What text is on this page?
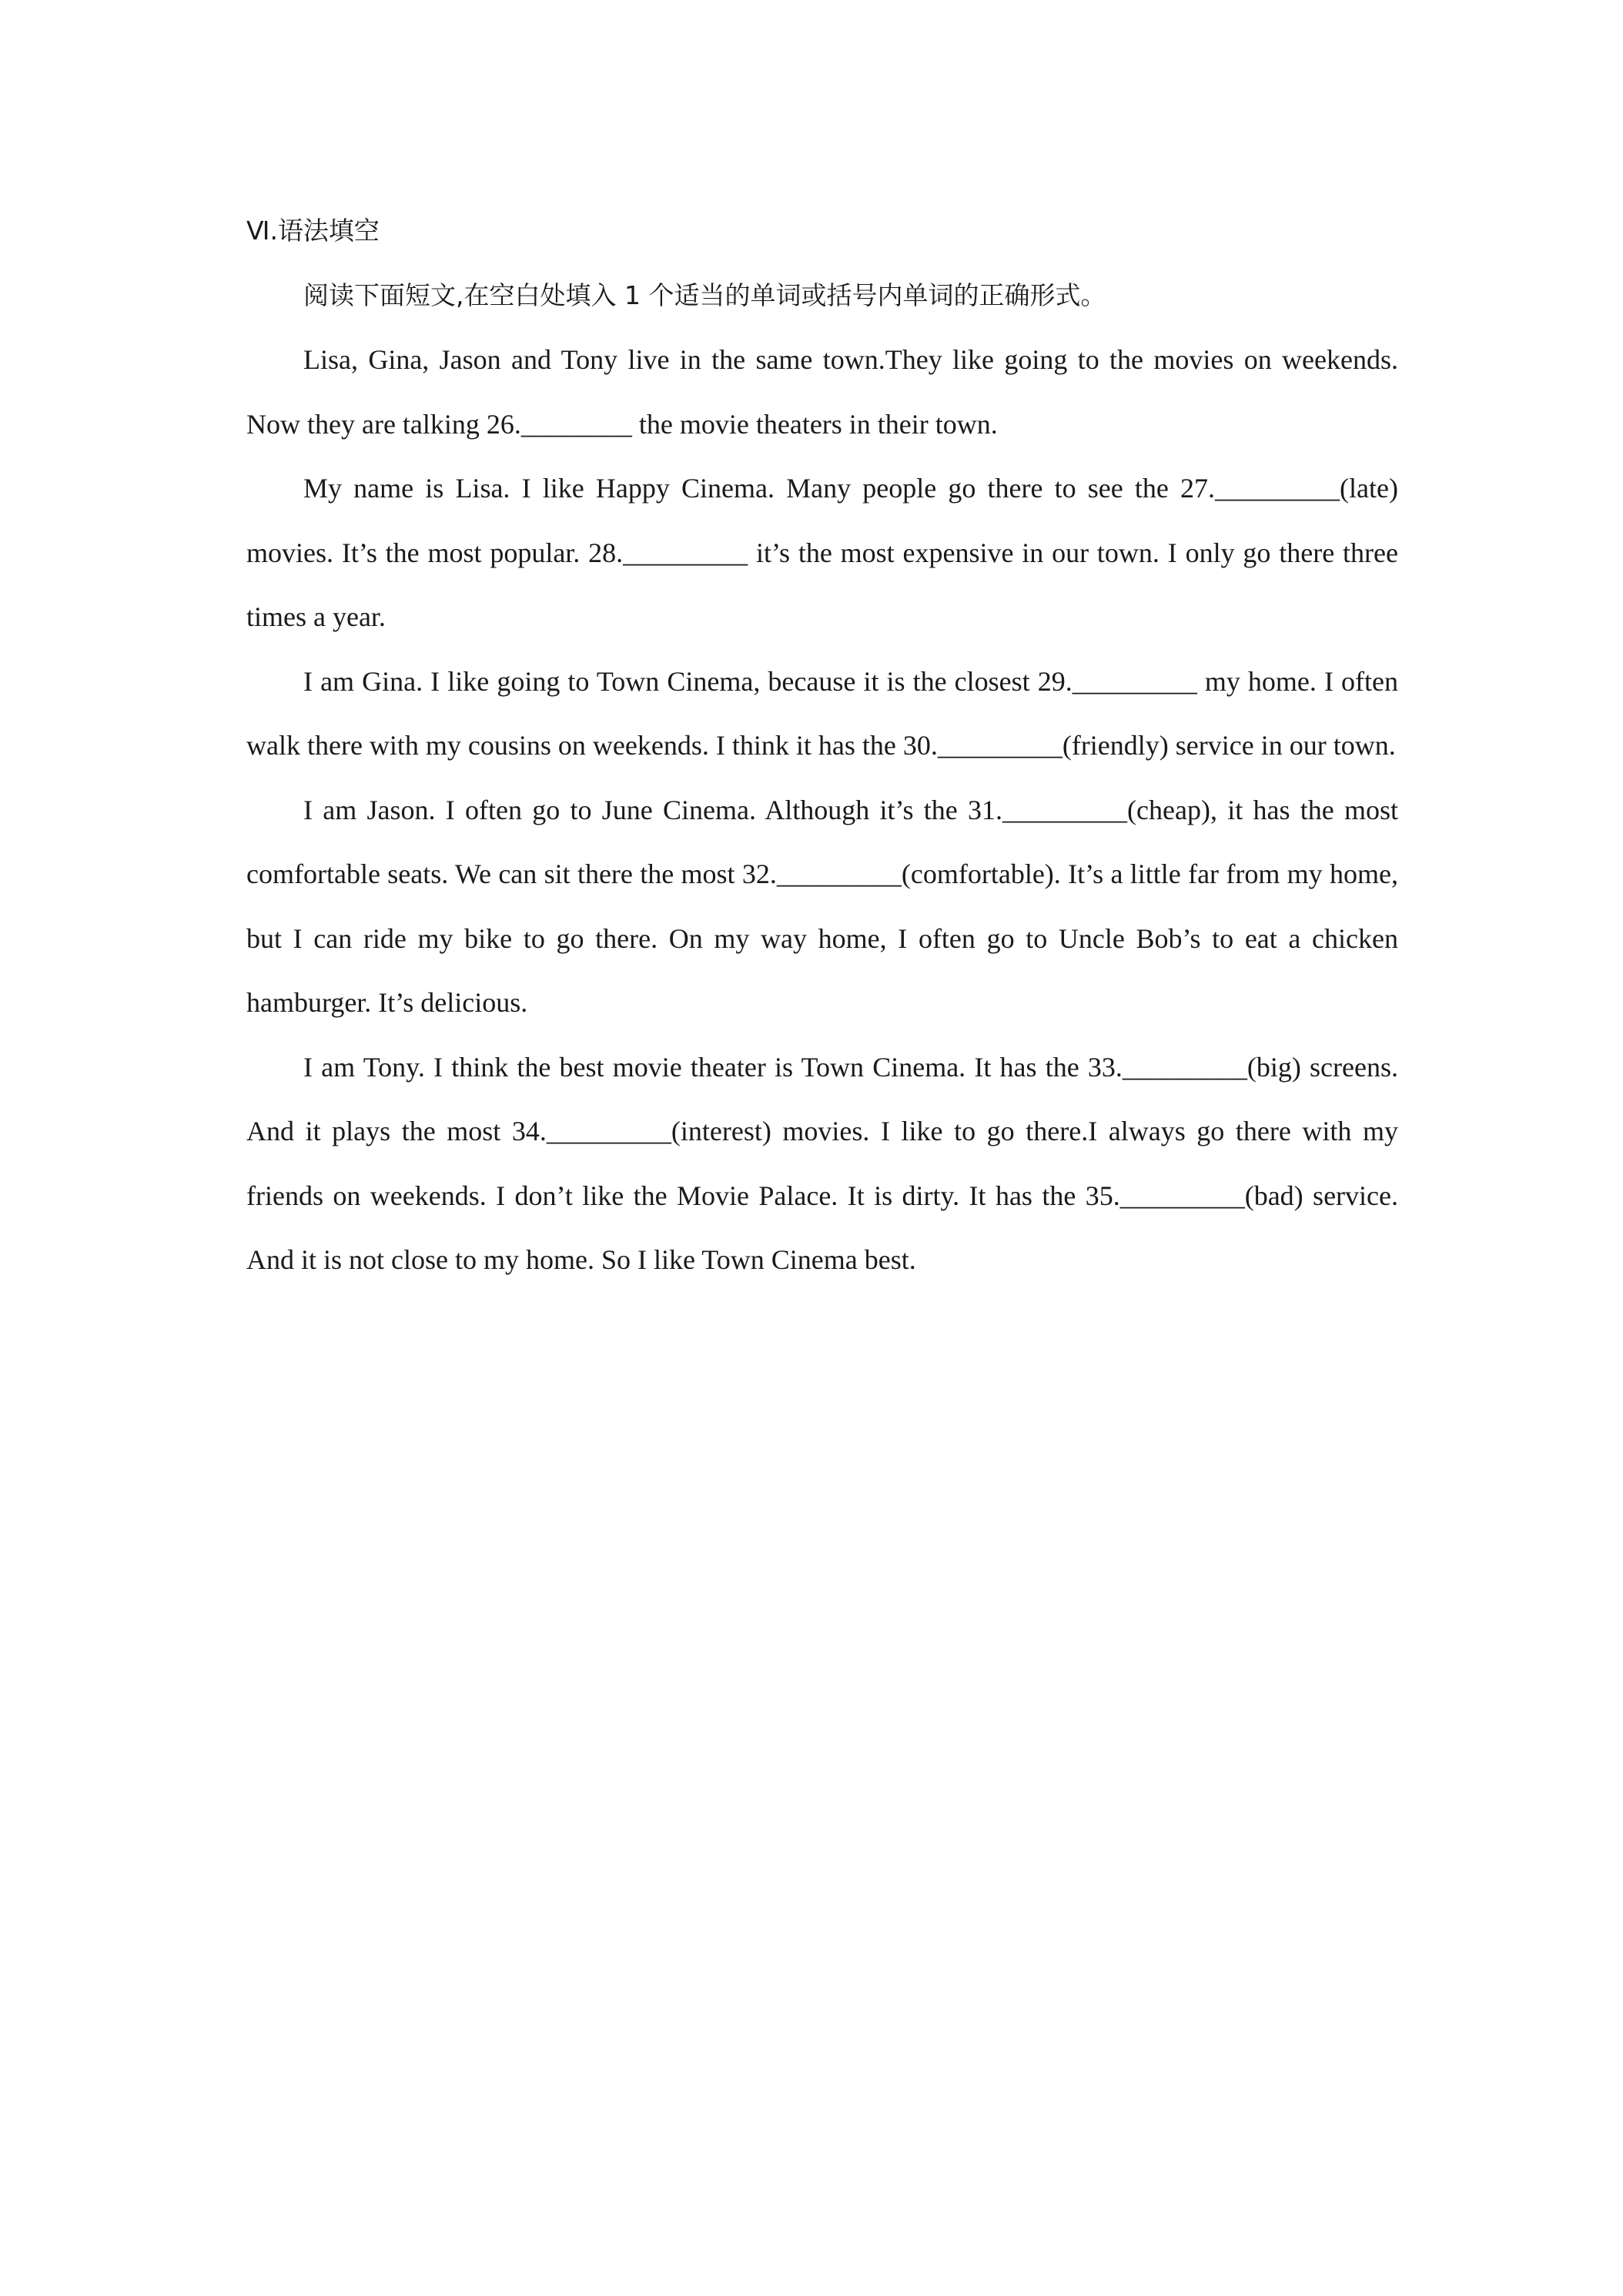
Ⅵ.语法填空

阅读下面短文,在空白处填入 1 个适当的单词或括号内单词的正确形式。

Lisa, Gina, Jason and Tony live in the same town.They like going to the movies on weekends. Now they are talking 26.________ the movie theaters in their town.

My name is Lisa. I like Happy Cinema. Many people go there to see the 27._________(late) movies. It’s the most popular. 28._________ it’s the most expensive in our town. I only go there three times a year.

I am Gina. I like going to Town Cinema, because it is the closest 29._________ my home. I often walk there with my cousins on weekends. I think it has the 30._________(friendly) service in our town.

I am Jason. I often go to June Cinema. Although it’s the 31._________(cheap), it has the most comfortable seats. We can sit there the most 32._________(comfortable). It’s a little far from my home, but I can ride my bike to go there. On my way home, I often go to Uncle Bob’s to eat a chicken hamburger. It’s delicious.

I am Tony. I think the best movie theater is Town Cinema. It has the 33._________(big) screens. And it plays the most 34._________(interest) movies. I like to go there.I always go there with my friends on weekends. I don’t like the Movie Palace. It is dirty. It has the 35._________(bad) service. And it is not close to my home. So I like Town Cinema best.
